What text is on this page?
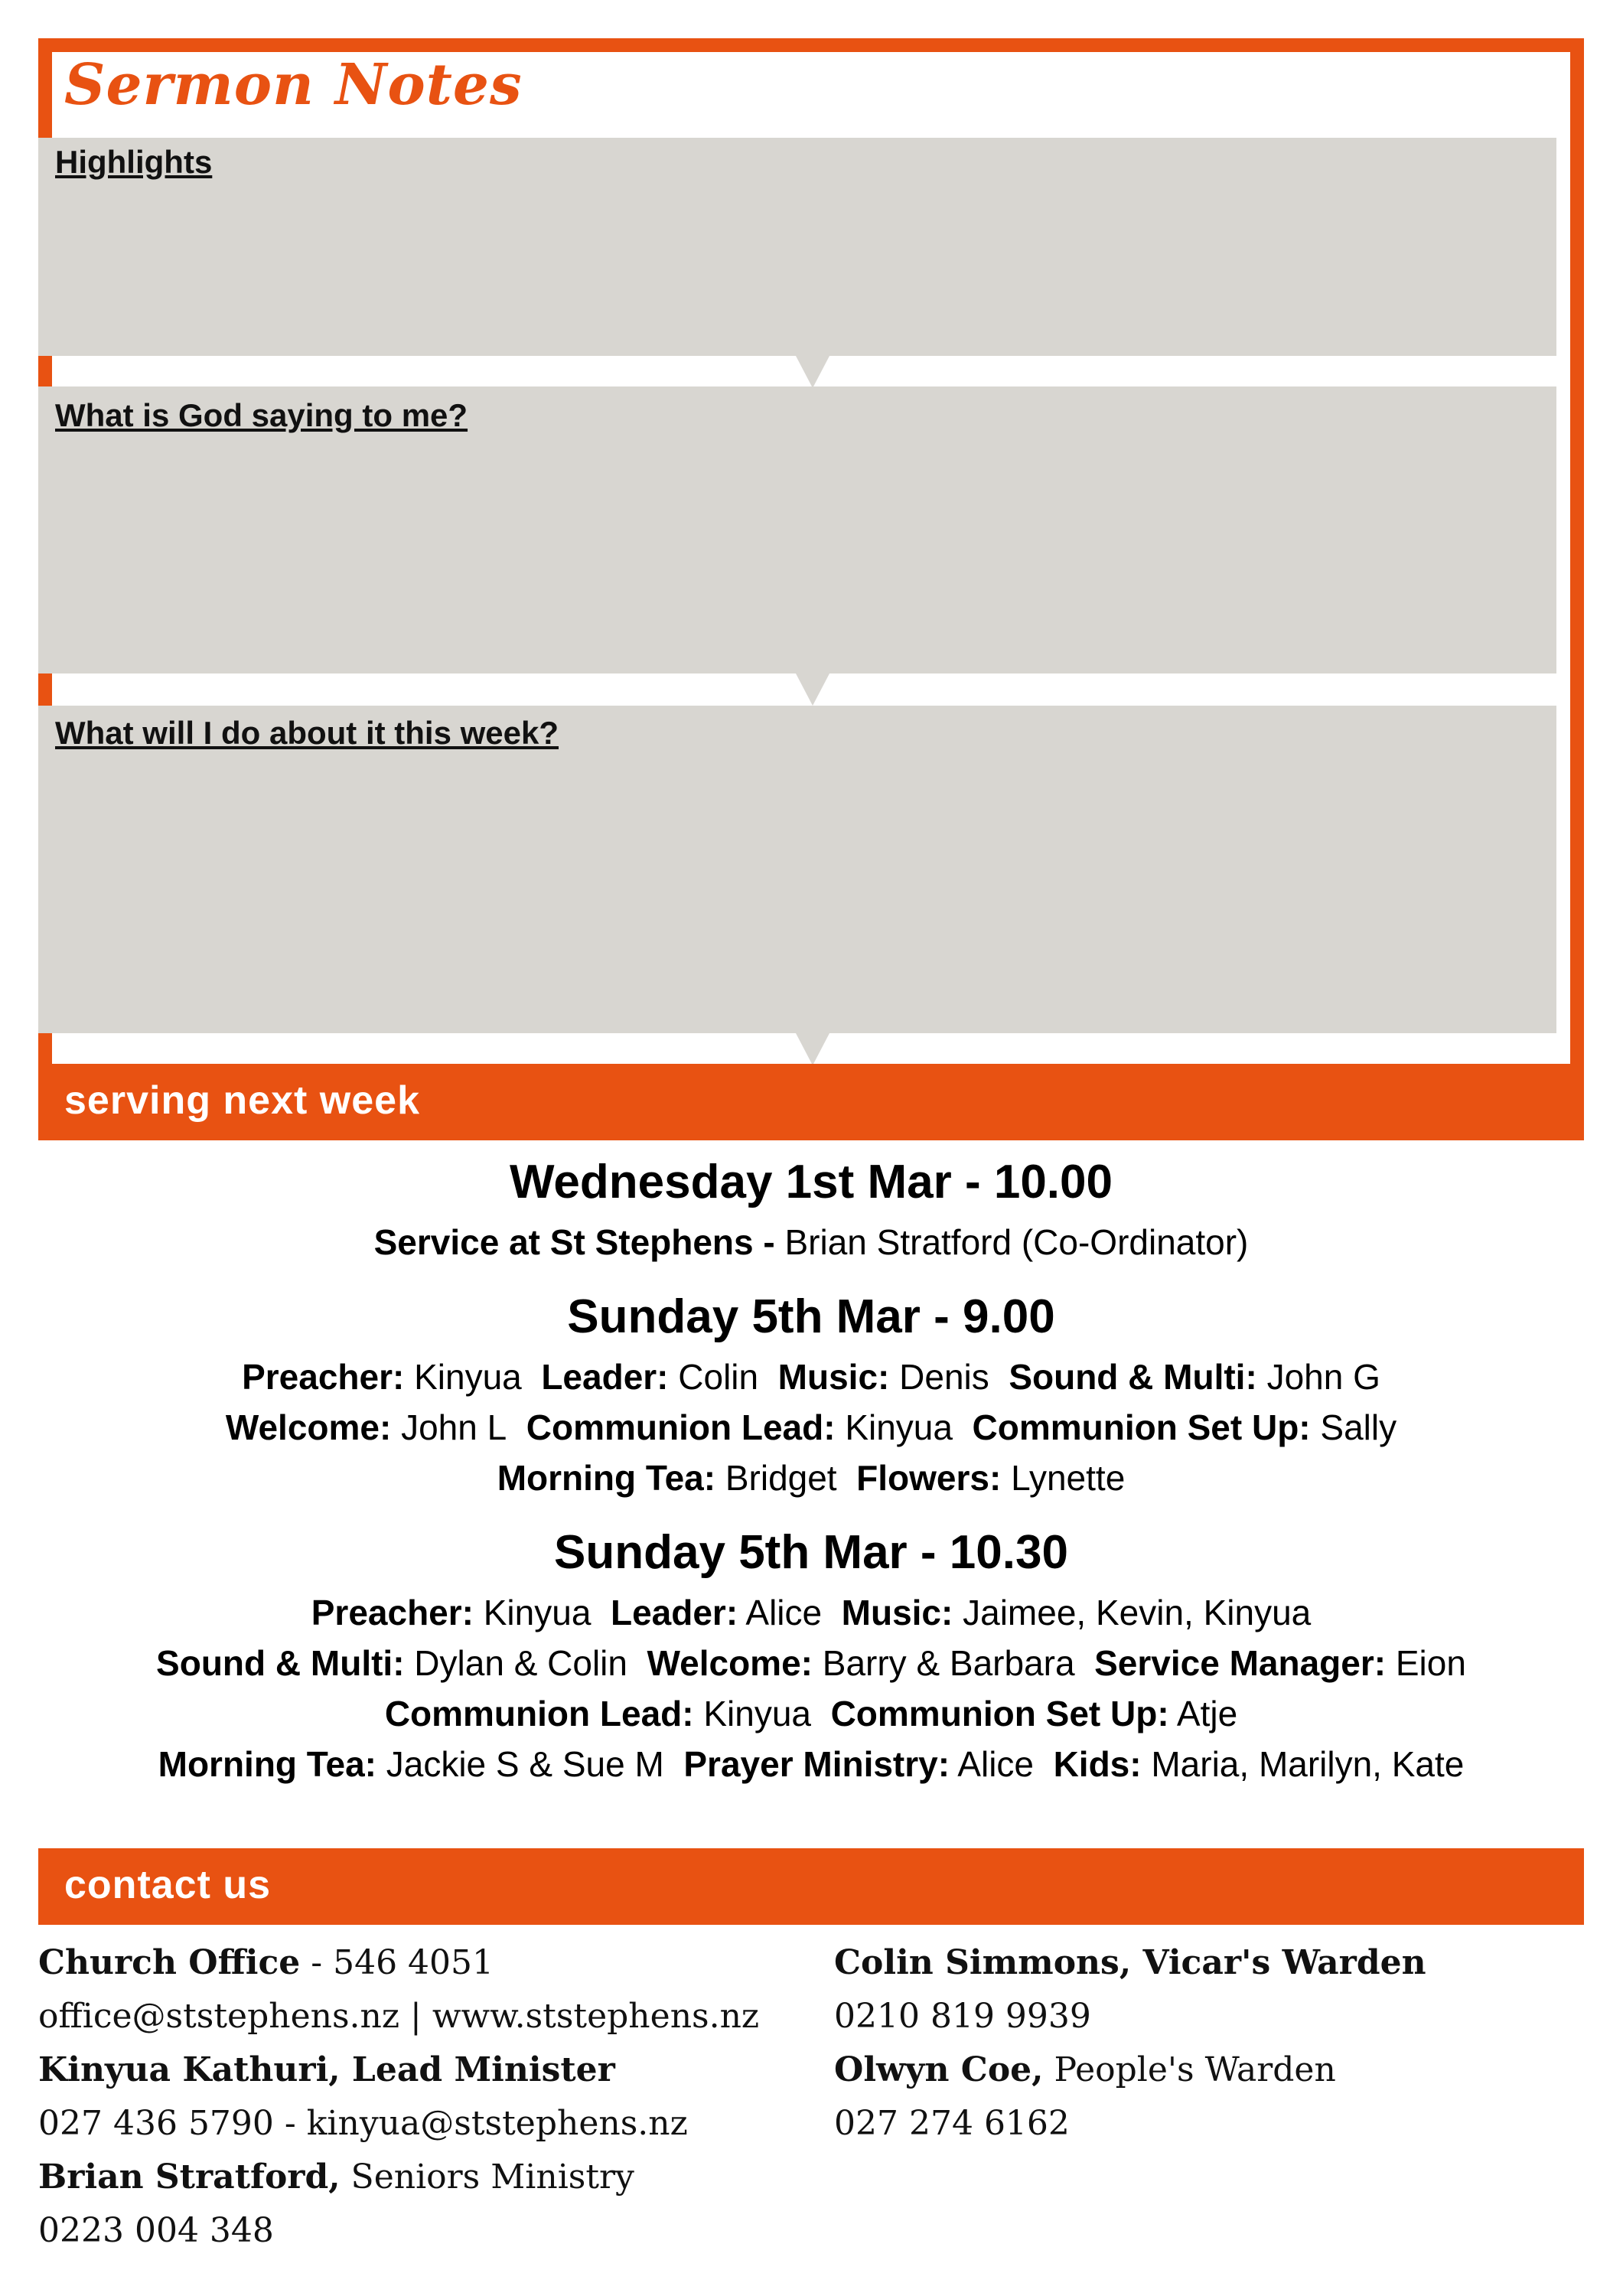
Sermon Notes
Highlights
What is God saying to me?
What will I do about it this week?
serving next week
Wednesday 1st Mar - 10.00

Service at St Stephens - Brian Stratford (Co-Ordinator)

Sunday 5th Mar - 9.00

Preacher: Kinyua Leader: Colin Music: Denis Sound & Multi: John G

Welcome: John L Communion Lead: Kinyua Communion Set Up: Sally

Morning Tea: Bridget Flowers: Lynette

Sunday 5th Mar - 10.30

Preacher: Kinyua Leader: Alice Music: Jaimee, Kevin, Kinyua

Sound & Multi: Dylan & Colin Welcome: Barry & Barbara Service Manager: Eion

Communion Lead: Kinyua Communion Set Up: Atje

Morning Tea: Jackie S & Sue M Prayer Ministry: Alice Kids: Maria, Marilyn, Kate

contact us

Church Office - 546 4051

office@ststephens.nz | www.ststephens.nz

Kinyua Kathuri, Lead Minister

027 436 5790 - kinyua@ststephens.nz

Brian Stratford, Seniors Ministry

0223 004 348

Colin Simmons, Vicar's Warden

0210 819 9939

Olwyn Coe, People's Warden

027 274 6162
